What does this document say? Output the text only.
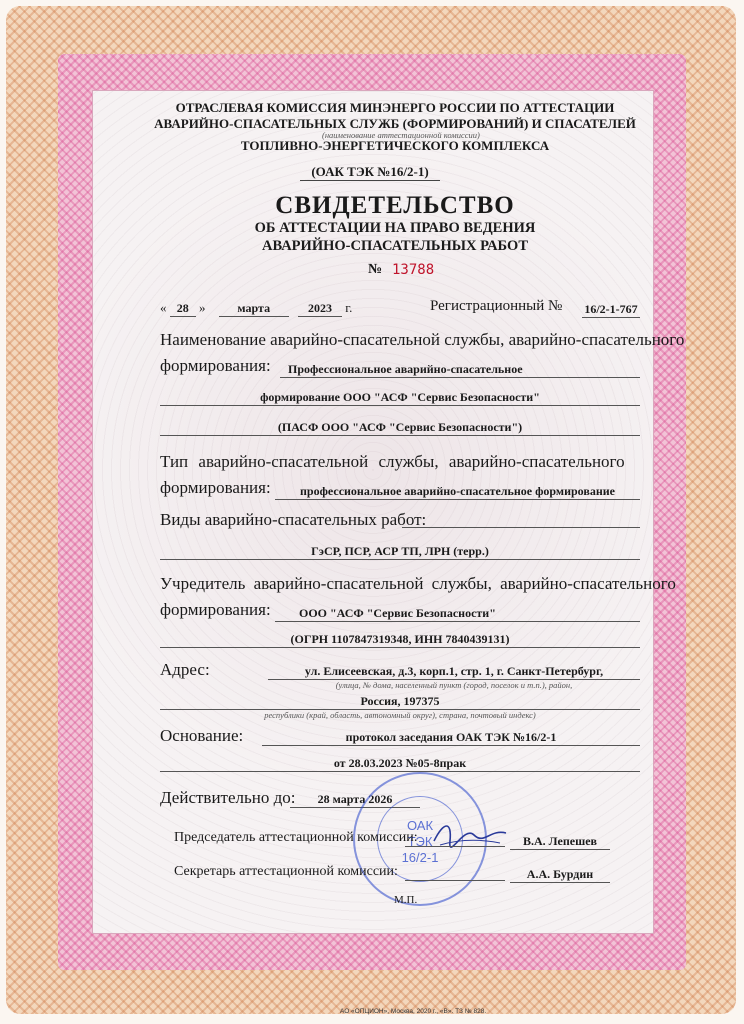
ОТРАСЛЕВАЯ КОМИССИЯ МИНЭНЕРГО РОССИИ ПО АТТЕСТАЦИИ
АВАРИЙНО-СПАСАТЕЛЬНЫХ СЛУЖБ (ФОРМИРОВАНИЙ) И СПАСАТЕЛЕЙ
(наименование аттестационной комиссии)
ТОПЛИВНО-ЭНЕРГЕТИЧЕСКОГО КОМПЛЕКСА
(ОАК ТЭК №16/2-1)
СВИДЕТЕЛЬСТВО
ОБ АТТЕСТАЦИИ НА ПРАВО ВЕДЕНИЯ
АВАРИЙНО-СПАСАТЕЛЬНЫХ РАБОТ
№ 13788
« 28 »	марта	2023 г.	Регистрационный № 16/2-1-767
Наименование аварийно-спасательной службы, аварийно-спасательного
формирования:	Профессиональное аварийно-спасательное
формирование ООО "АСФ "Сервис Безопасности"
(ПАСФ ООО "АСФ "Сервис Безопасности")
Тип аварийно-спасательной службы, аварийно-спасательного
формирования:	профессиональное аварийно-спасательное формирование
Виды аварийно-спасательных работ:
ГэСР, ПСР, АСР ТП, ЛРН (терр.)
Учредитель аварийно-спасательной службы, аварийно-спасательного
формирования:	ООО "АСФ "Сервис Безопасности"
(ОГРН 1107847319348, ИНН 7840439131)
Адрес:	ул. Елисеевская, д.3, корп.1, стр. 1, г. Санкт-Петербург,
(улица, № дома, населенный пункт (город, поселок и т.п.), район,
Россия, 197375
республики (край, область, автономный округ), страна, почтовый индекс)
Основание:	протокол заседания ОАК ТЭК №16/2-1
от 28.03.2023 №05-8прак
Действительно до:	28 марта 2026
ОАК
ТЭК
16/2-1
Председатель аттестационной комиссии:	В.А. Лепешев
Секретарь аттестационной комиссии:	А.А. Бурдин
М.П.
АО «ОПЦИОН», Москва, 2020 г., «В». ТЗ № 828.
